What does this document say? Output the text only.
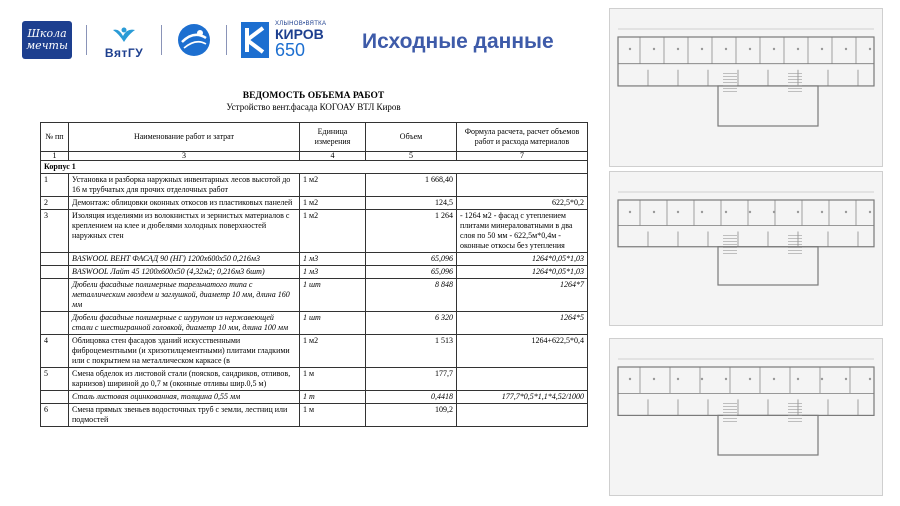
Школа
мечты
ВятГУ
ХЛЫНОВ•ВЯТКА
КИРОВ
650	Исходные данные
ВЕДОМОСТЬ ОБЪЕМА РАБОТ
Устройство вент.фасада КОГОАУ ВТЛ Киров
№ пп	Наименование работ и затрат	Единица измерения	Объем	Формула расчета, расчет объемов работ и расхода материалов
1	3	4	5	7
Корпус 1				
1	Установка и разборка наружных инвентарных лесов высотой до 16 м трубчатых для прочих отделочных работ	1 м2	1 668,40	
2	Демонтаж: облицовки оконных откосов из пластиковых панелей	1 м2	124,5	622,5*0,2
3	Изоляция изделиями из волокнистых и зернистых материалов с креплением на клее и дюбелями холодных поверхностей наружных стен	1 м2	1 264	- 1264 м2 - фасад с утеплением плитами минераловатными в два слоя по 50 мм - 622,5м*0,4м - оконные откосы без утепления
	BASWOOL ВЕНТ ФАСАД 90 (НГ) 1200х600х50 0,216м3	1 м3	65,096	1264*0,05*1,03
	BASWOOL Лайт 45 1200х600х50 (4,32м2; 0,216м3 6шт)	1 м3	65,096	1264*0,05*1,03
	Дюбели фасадные полимерные тарельчатого типа с металлическим гвоздем и заглушкой, диаметр 10 мм, длина 160 мм	1 шт	8 848	1264*7
	Дюбели фасадные полимерные с шурупом из нержавеющей стали с шестигранной головкой, диаметр 10 мм, длина 100 мм	1 шт	6 320	1264*5
4	Облицовка стен фасадов зданий искусственными фиброцементными (и хризотилцементными) плитами гладкими или с покрытием на металлическом каркасе (в	1 м2	1 513	1264+622,5*0,4
5	Смена обделок из листовой стали (поясков, сандриков, отливов, карнизов) шириной до 0,7 м (оконные отливы шир.0,5 м)	1 м	177,7	
	Сталь листовая оцинкованная, толщина 0,55 мм	1 т	0,4418	177,7*0,5*1,1*4,52/1000
6	Смена прямых звеньев водосточных труб с земли, лестниц или подмостей	1 м	109,2	
